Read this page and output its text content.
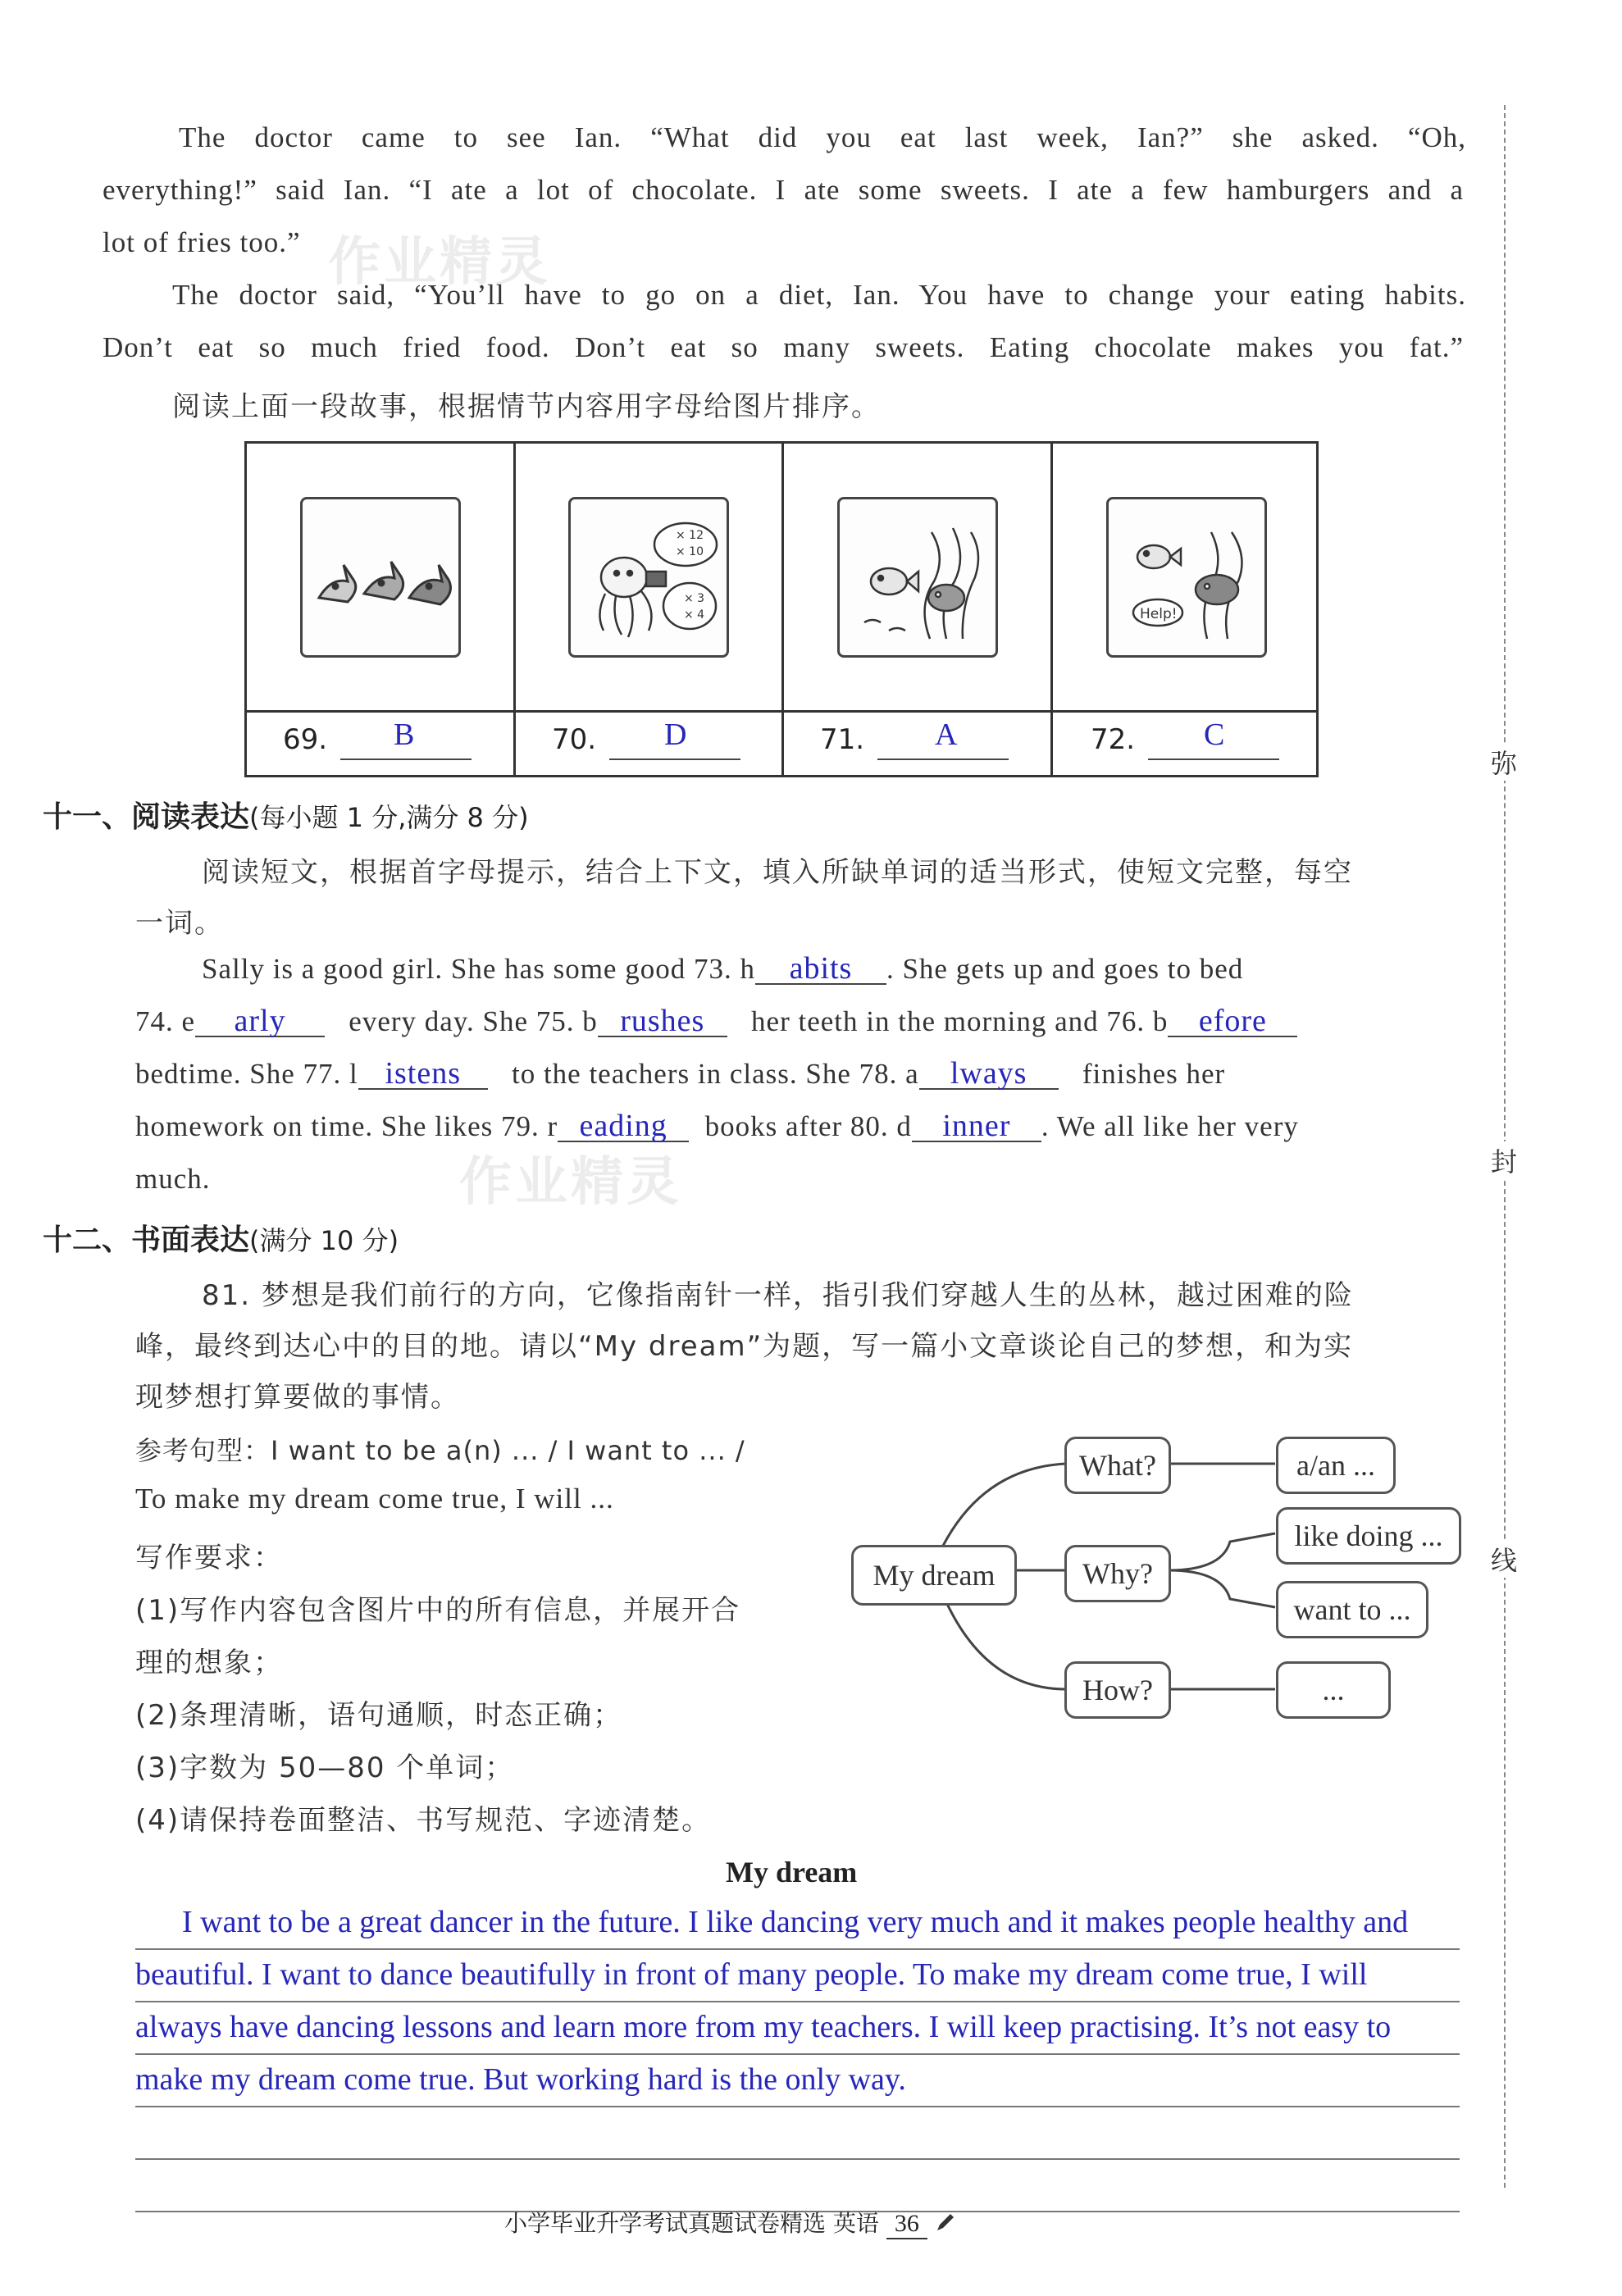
作业精灵
作业精灵
The doctor came to see Ian. “What did you eat last week, Ian?” she asked. “Oh,
everything!” said Ian. “I ate a lot of chocolate. I ate some sweets. I ate a few hamburgers and a
lot of fries too.”
The doctor said, “You’ll have to go on a diet, Ian. You have to change your eating habits.
Don’t eat so much fried food. Don’t eat so many sweets. Eating chocolate makes you fat.”
阅读上面一段故事，根据情节内容用字母给图片排序。
× 12
× 10
× 3
× 4	Help!
69. B	70. D	71. A	72. C
十一、阅读表达(每小题 1 分,满分 8 分)
阅读短文，根据首字母提示，结合上下文，填入所缺单词的适当形式，使短文完整，每空
一词。
Sally is a good girl. She has some good 73. h abits . She gets up and goes to bed
74. e arly every day. She 75. b rushes her teeth in the morning and 76. b efore
bedtime. She 77. l istens to the teachers in class. She 78. a lways finishes her
homework on time. She likes 79. r eading books after 80. d inner . We all like her very
much.
十二、书面表达(满分 10 分)
81. 梦想是我们前行的方向，它像指南针一样，指引我们穿越人生的丛林，越过困难的险
峰，最终到达心中的目的地。请以“My dream”为题，写一篇小文章谈论自己的梦想，和为实
现梦想打算要做的事情。
参考句型：I want to be a(n) ... / I want to ... /
To make my dream come true, I will ...
写作要求：
(1)写作内容包含图片中的所有信息，并展开合
理的想象；
(2)条理清晰，语句通顺，时态正确；
(3)字数为 50—80 个单词；
(4)请保持卷面整洁、书写规范、字迹清楚。
My dream
What?
Why?
How?
a/an ...
like doing ...
want to ...
...
My dream
I want to be a great dancer in the future. I like dancing very much and it makes people healthy and
beautiful. I want to dance beautifully in front of many people. To make my dream come true, I will
always have dancing lessons and learn more from my teachers. I will keep practising. It’s not easy to
make my dream come true. But working hard is the only way.
弥
封
线
小学毕业升学考试真题试卷精选 英语 36
